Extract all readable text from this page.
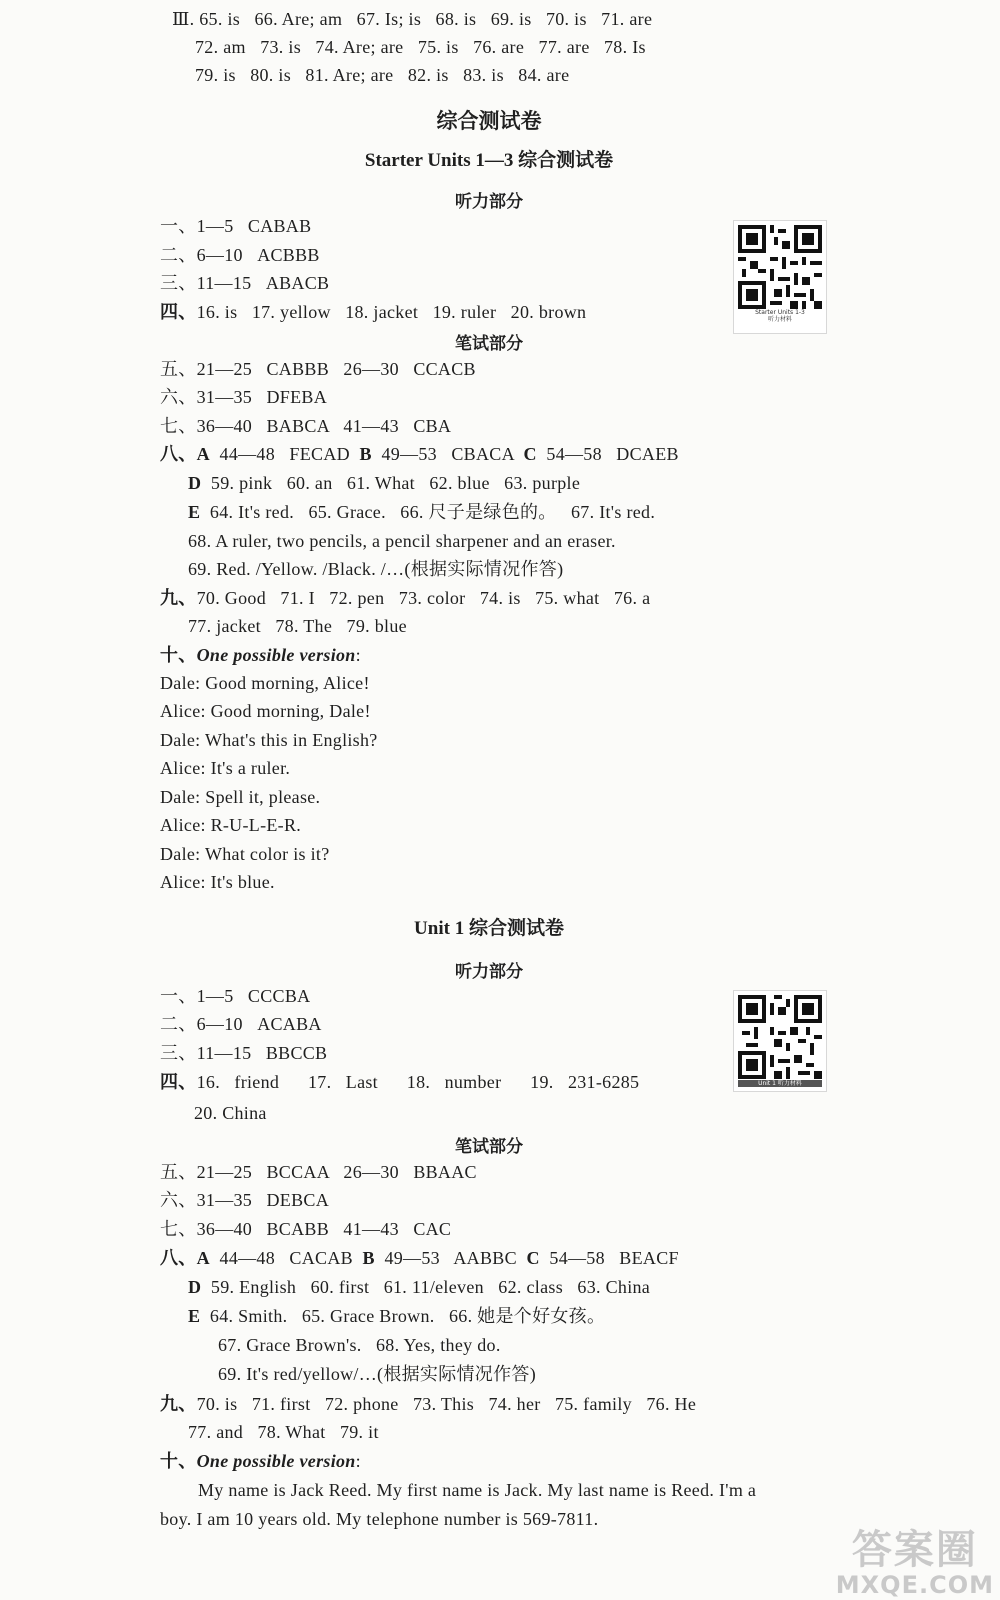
Ⅲ. 65. is   66. Are; am   67. Is; is   68. is   69. is   70. is   71. are
72. am   73. is   74. Are; are   75. is   76. are   77. are   78. Is
79. is   80. is   81. Are; are   82. is   83. is   84. are
综合测试卷
Starter Units 1—3 综合测试卷
听力部分
一、1—5   CABAB
二、6—10   ACBBB
三、11—15   ABACB
四、16. is   17. yellow   18. jacket   19. ruler   20. brown	Starter Units 1-3
听力材料
笔试部分
五、21—25   CABBB   26—30   CCACB
六、31—35   DFEBA
七、36—40   BABCA   41—43   CBA
八、A  44—48   FECAD  B  49—53   CBACA  C  54—58   DCAEB
D  59. pink   60. an   61. What   62. blue   63. purple
E  64. It's red.   65. Grace.   66. 尺子是绿色的。   67. It's red.
68. A ruler, two pencils, a pencil sharpener and an eraser.
69. Red. /Yellow. /Black. /…(根据实际情况作答)
九、70. Good   71. I   72. pen   73. color   74. is   75. what   76. a
77. jacket   78. The   79. blue
十、One possible version:
Dale: Good morning, Alice!
Alice: Good morning, Dale!
Dale: What's this in English?
Alice: It's a ruler.
Dale: Spell it, please.
Alice: R-U-L-E-R.
Dale: What color is it?
Alice: It's blue.
Unit 1 综合测试卷
听力部分
一、1—5   CCCBA
二、6—10   ACABA
三、11—15   BBCCB
四、16.   friend      17.   Last      18.   number      19.   231-6285
20. China
Unit 1 听力材料
笔试部分
五、21—25   BCCAA   26—30   BBAAC
六、31—35   DEBCA
七、36—40   BCABB   41—43   CAC
八、A  44—48   CACAB  B  49—53   AABBC  C  54—58   BEACF
D  59. English   60. first   61. 11/eleven   62. class   63. China
E  64. Smith.   65. Grace Brown.   66. 她是个好女孩。
67. Grace Brown's.   68. Yes, they do.
69. It's red/yellow/…(根据实际情况作答)
九、70. is   71. first   72. phone   73. This   74. her   75. family   76. He
77. and   78. What   79. it
十、One possible version:
My name is Jack Reed. My first name is Jack. My last name is Reed. I'm a
boy. I am 10 years old. My telephone number is 569-7811.
答案圈
MXQE.COM
